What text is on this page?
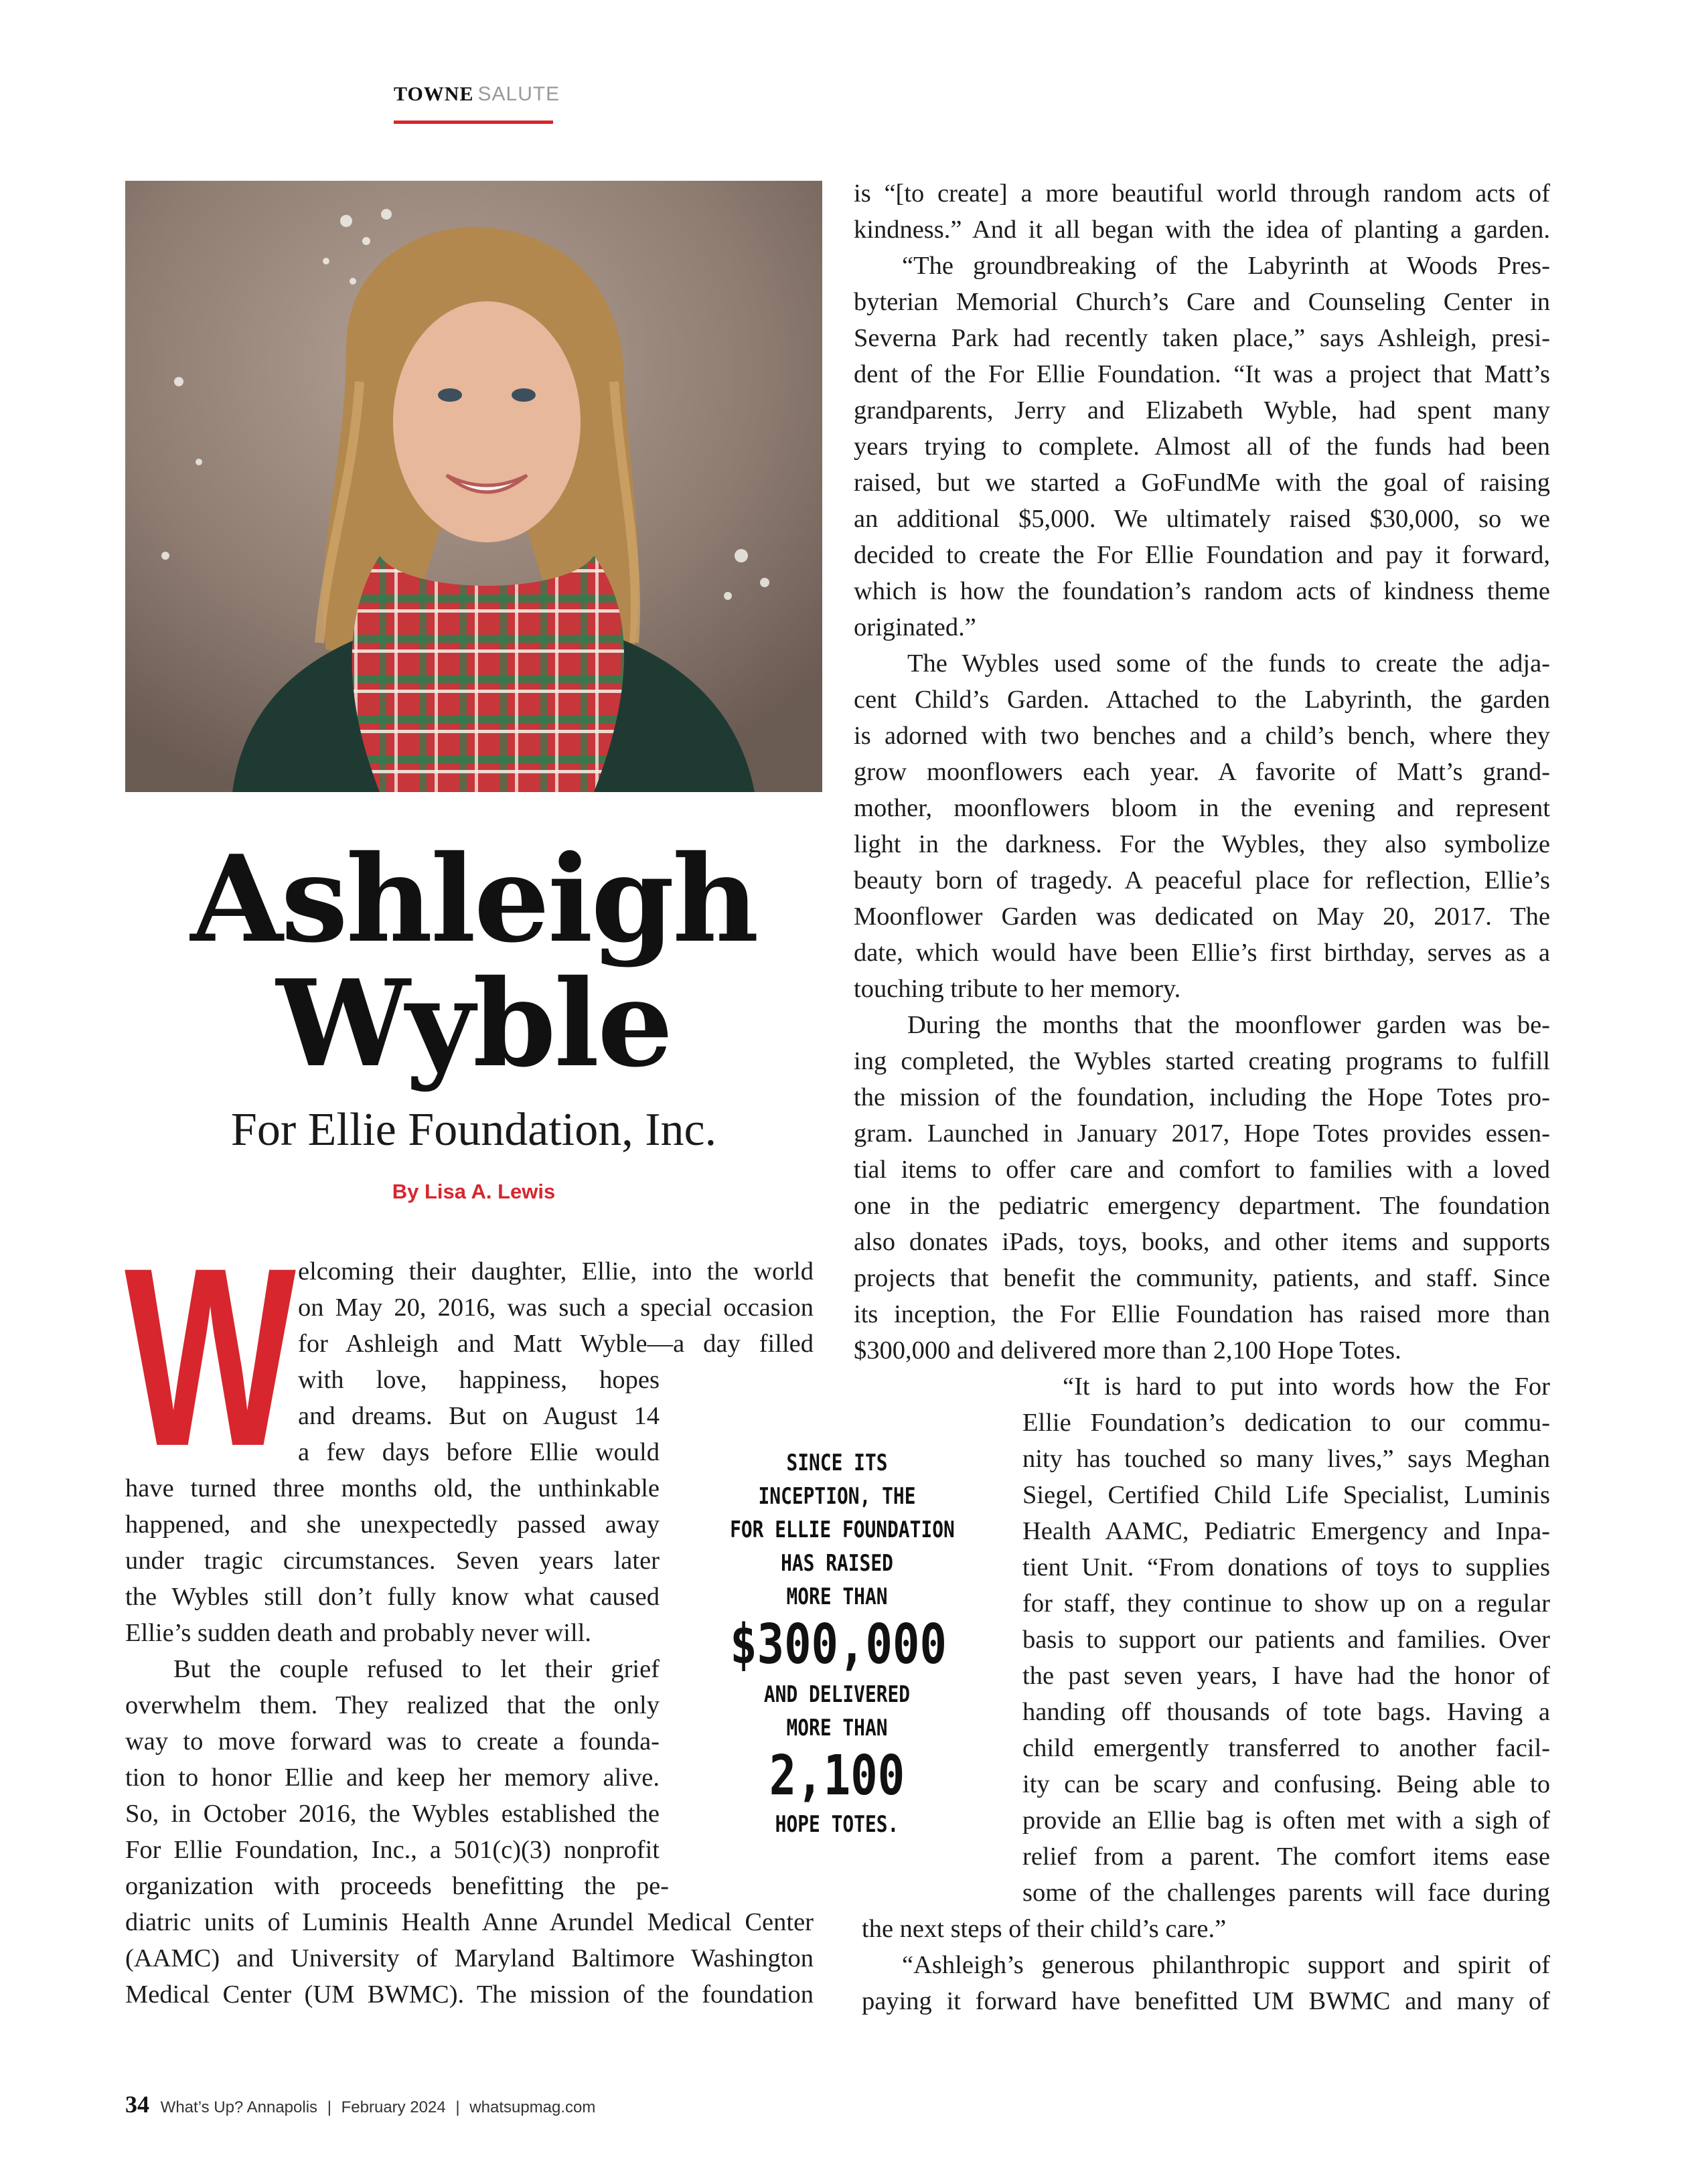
TOWNE SALUTE
Ashleigh
Wyble
For Ellie Foundation, Inc.
By Lisa A. Lewis
W elcoming their daughter, Ellie, into the world
on May 20, 2016, was such a special occasion
for Ashleigh and Matt Wyble—a day filled
with love, happiness, hopes
and dreams. But on August 14
a few days before Ellie would
have turned three months old, the unthinkable
happened, and she unexpectedly passed away
under tragic circumstances. Seven years later
the Wybles still don’t fully know what caused
Ellie’s sudden death and probably never will.
But the couple refused to let their grief
overwhelm them. They realized that the only
way to move forward was to create a founda-
tion to honor Ellie and keep her memory alive.
So, in October 2016, the Wybles established the
For Ellie Foundation, Inc., a 501(c)(3) nonprofit
organization with proceeds benefitting the pe-
diatric units of Luminis Health Anne Arundel Medical Center
(AAMC) and University of Maryland Baltimore Washington
Medical Center (UM BWMC). The mission of the foundation
SINCE ITS
INCEPTION, THE
FOR ELLIE FOUNDATION
HAS RAISED
MORE THAN
$300,000
AND DELIVERED
MORE THAN
2,100
HOPE TOTES.
is “[to create] a more beautiful world through random acts of
kindness.” And it all began with the idea of planting a garden.
“The groundbreaking of the Labyrinth at Woods Pres-
byterian Memorial Church’s Care and Counseling Center in
Severna Park had recently taken place,” says Ashleigh, presi-
dent of the For Ellie Foundation. “It was a project that Matt’s
grandparents, Jerry and Elizabeth Wyble, had spent many
years trying to complete. Almost all of the funds had been
raised, but we started a GoFundMe with the goal of raising
an additional $5,000. We ultimately raised $30,000, so we
decided to create the For Ellie Foundation and pay it forward,
which is how the foundation’s random acts of kindness theme
originated.”
The Wybles used some of the funds to create the adja-
cent Child’s Garden. Attached to the Labyrinth, the garden
is adorned with two benches and a child’s bench, where they
grow moonflowers each year. A favorite of Matt’s grand-
mother, moonflowers bloom in the evening and represent
light in the darkness. For the Wybles, they also symbolize
beauty born of tragedy. A peaceful place for reflection, Ellie’s
Moonflower Garden was dedicated on May 20, 2017. The
date, which would have been Ellie’s first birthday, serves as a
touching tribute to her memory.
During the months that the moonflower garden was be-
ing completed, the Wybles started creating programs to fulfill
the mission of the foundation, including the Hope Totes pro-
gram. Launched in January 2017, Hope Totes provides essen-
tial items to offer care and comfort to families with a loved
one in the pediatric emergency department. The foundation
also donates iPads, toys, books, and other items and supports
projects that benefit the community, patients, and staff. Since
its inception, the For Ellie Foundation has raised more than
$300,000 and delivered more than 2,100 Hope Totes.
“It is hard to put into words how the For
Ellie Foundation’s dedication to our commu-
nity has touched so many lives,” says Meghan
Siegel, Certified Child Life Specialist, Luminis
Health AAMC, Pediatric Emergency and Inpa-
tient Unit. “From donations of toys to supplies
for staff, they continue to show up on a regular
basis to support our patients and families. Over
the past seven years, I have had the honor of
handing off thousands of tote bags. Having a
child emergently transferred to another facil-
ity can be scary and confusing. Being able to
provide an Ellie bag is often met with a sigh of
relief from a parent. The comfort items ease
some of the challenges parents will face during
the next steps of their child’s care.”
“Ashleigh’s generous philanthropic support and spirit of
paying it forward have benefitted UM BWMC and many of
34 What’s Up? Annapolis | February 2024 | whatsupmag.com
